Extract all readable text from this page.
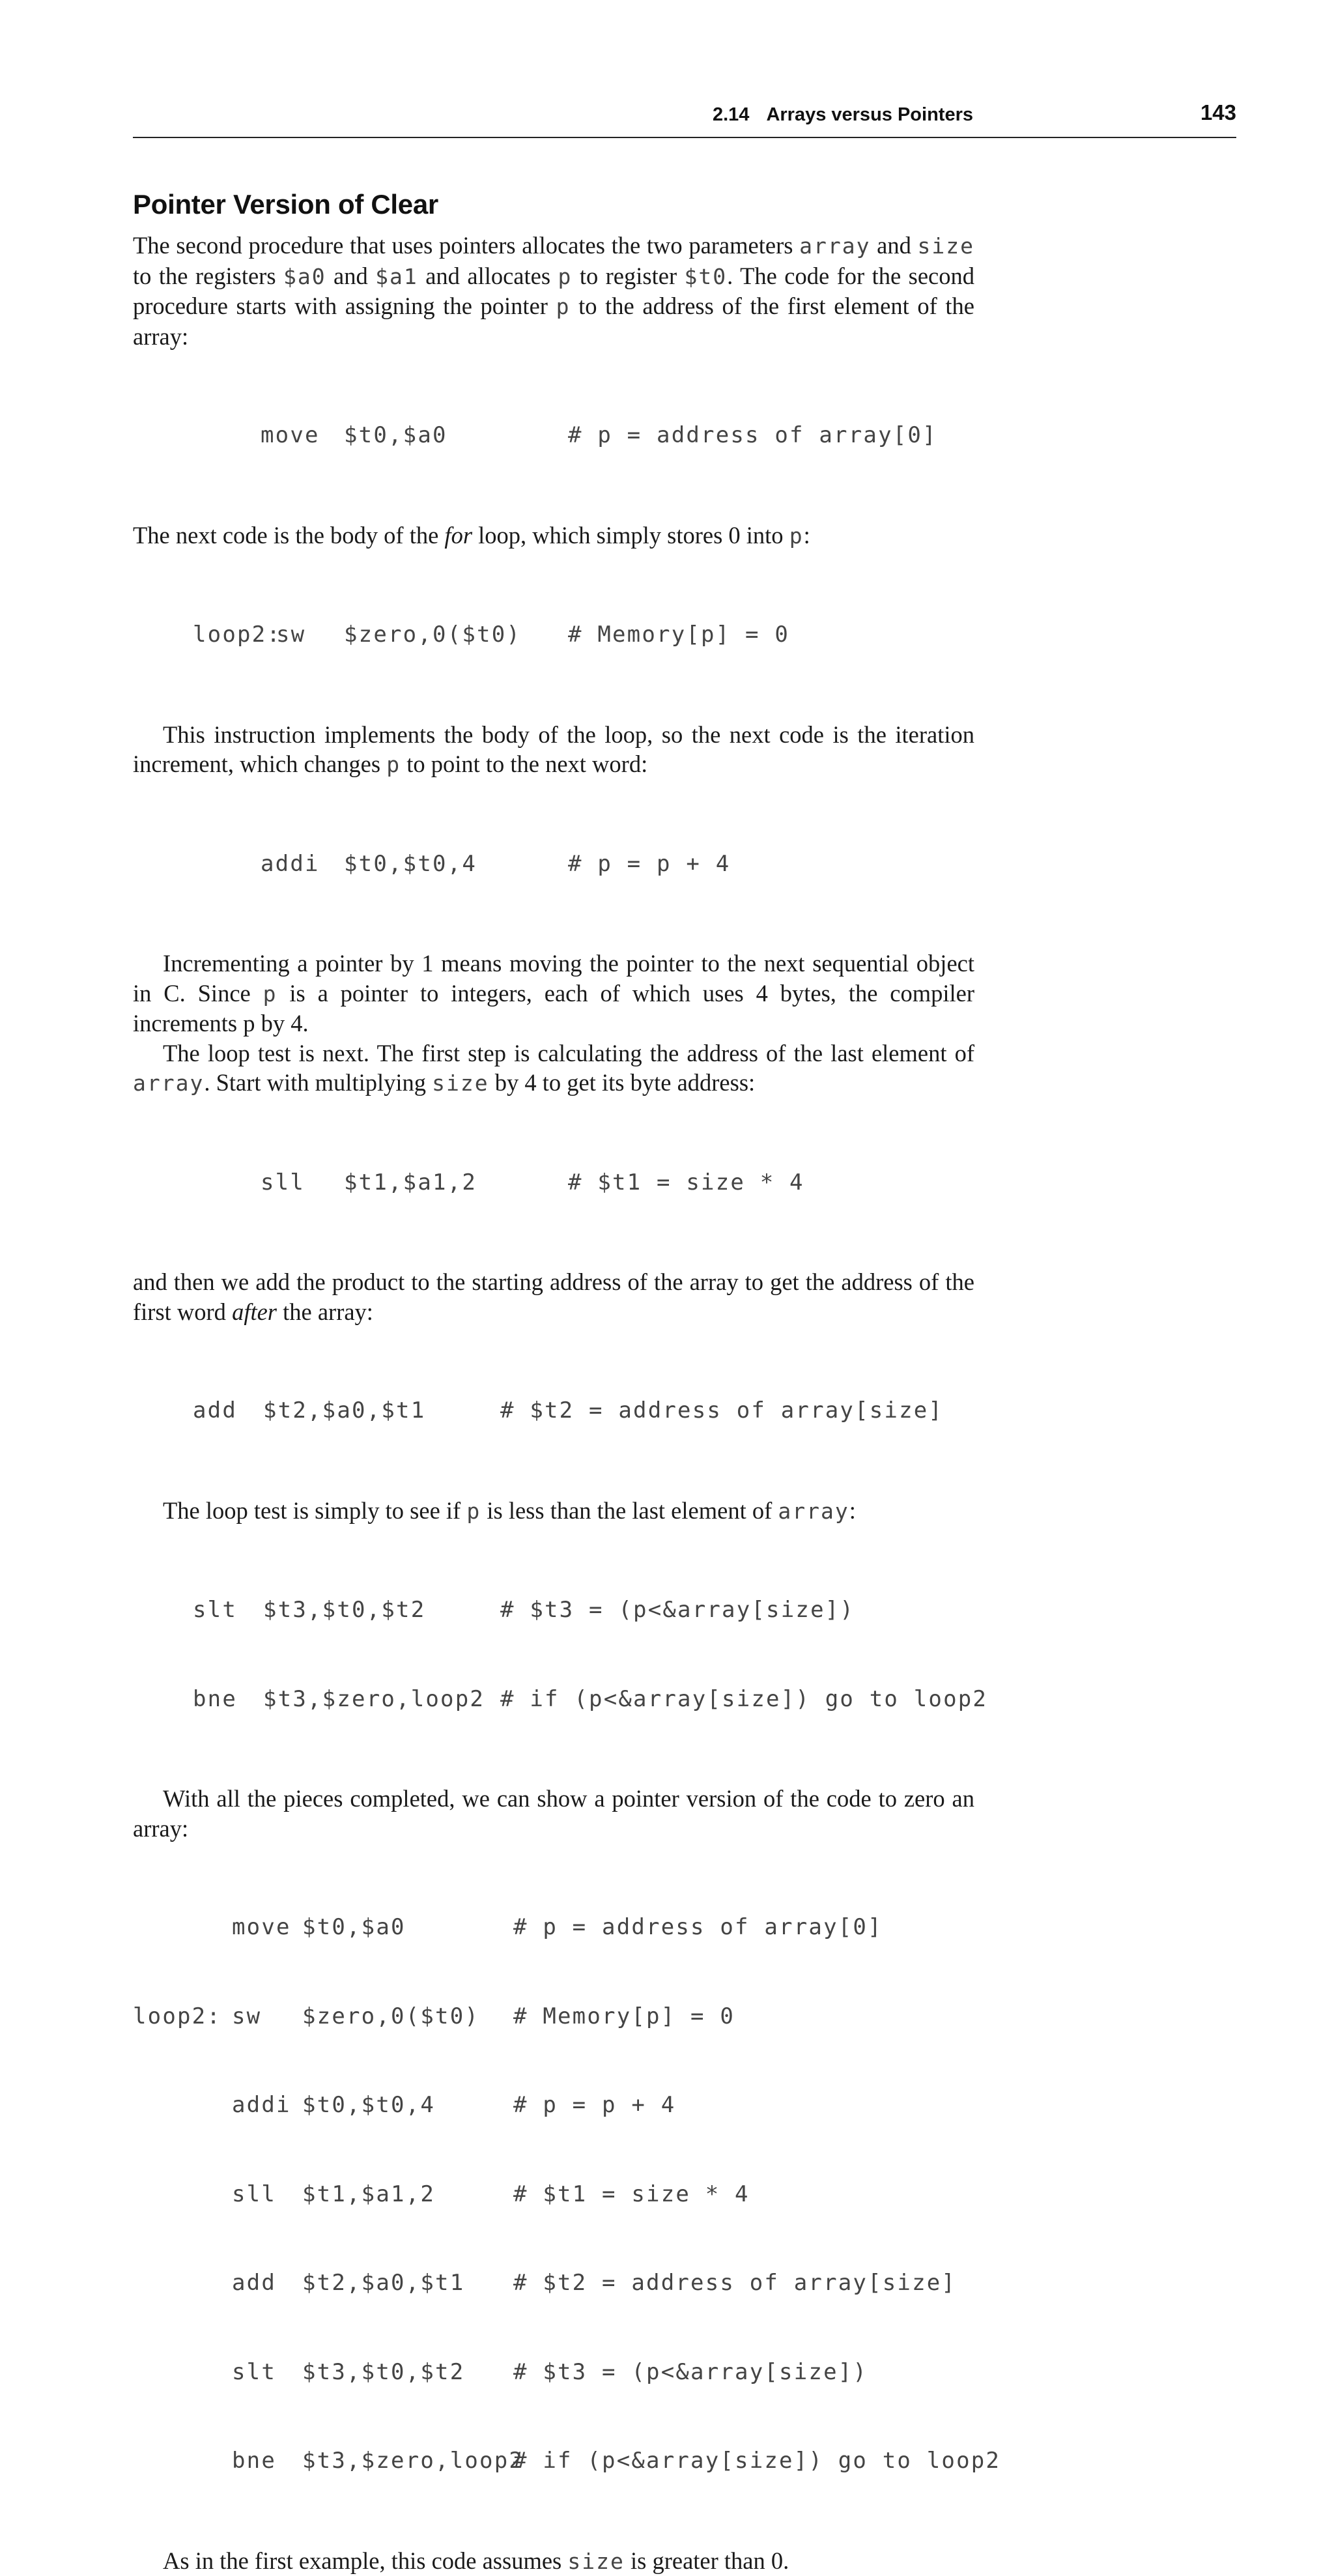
2.14 Arrays versus Pointers	143
Pointer Version of Clear

The second procedure that uses pointers allocates the two parameters array and size to the registers $a0 and $a1 and allocates p to register $t0. The code for the second procedure starts with assigning the pointer p to the address of the first element of the array:

move $t0,$a0	# p = address of array[0]

The next code is the body of the for loop, which simply stores 0 into p:

loop2:sw $zero,0($t0) # Memory[p] = 0

This instruction implements the body of the loop, so the next code is the iteration increment, which changes p to point to the next word:

addi $t0,$t0,4	# p = p + 4

Incrementing a pointer by 1 means moving the pointer to the next sequential object in C. Since p is a pointer to integers, each of which uses 4 bytes, the compiler increments p by 4.

The loop test is next. The first step is calculating the address of the last element of array. Start with multiplying size by 4 to get its byte address:

sll $t1,$a1,2	# $t1 = size * 4

and then we add the product to the starting address of the array to get the address of the first word after the array:

add $t2,$a0,$t1	# $t2 = address of array[size]

The loop test is simply to see if p is less than the last element of array:

slt $t3,$t0,$t2	# $t3 = (p<&array[size])

bne $t3,$zero,loop2 # if (p<&array[size]) go to loop2

With all the pieces completed, we can show a pointer version of the code to zero an array:

move $t0,$a0	# p = address of array[0]

loop2: sw $zero,0($t0) # Memory[p] = 0

addi $t0,$t0,4	# p = p + 4

sll $t1,$a1,2	# $t1 = size * 4

add $t2,$a0,$t1 # $t2 = address of array[size]

slt $t3,$t0,$t2 # $t3 = (p<&array[size])

bne $t3,$zero,loop2# if (p<&array[size]) go to loop2

As in the first example, this code assumes size is greater than 0.
